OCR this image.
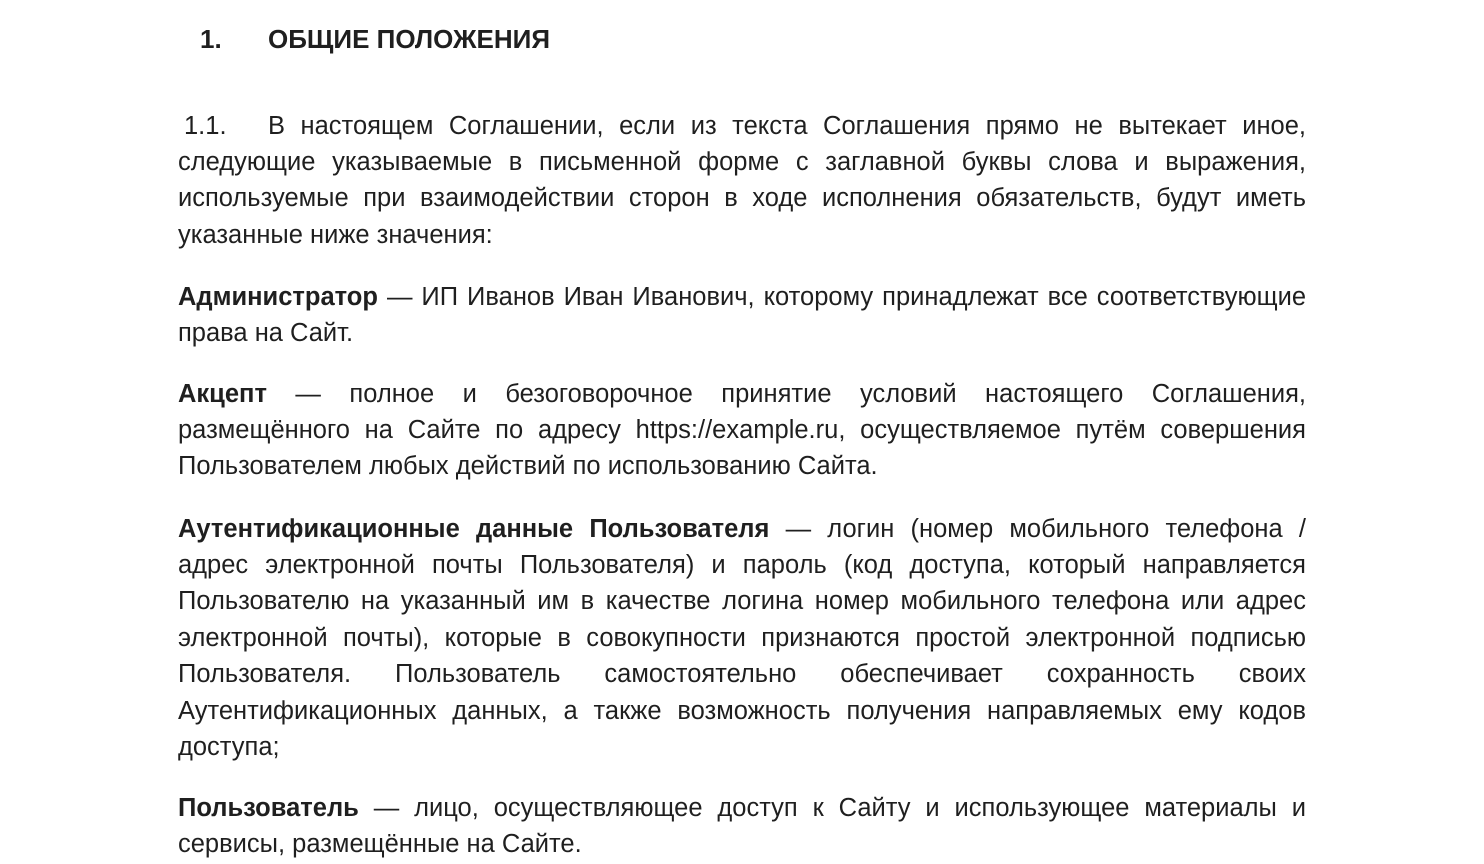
1. ОБЩИЕ ПОЛОЖЕНИЯ

1.1. В настоящем Соглашении, если из текста Соглашения прямо не вытекает иное, следующие указываемые в письменной форме с заглавной буквы слова и выражения, используемые при взаимодействии сторон в ходе исполнения обязательств, будут иметь указанные ниже значения:

Администратор — ИП Иванов Иван Иванович, которому принадлежат все соответствующие права на Сайт.

Акцепт — полное и безоговорочное принятие условий настоящего Соглашения, размещённого на Сайте по адресу https://example.ru, осуществляемое путём совершения Пользователем любых действий по использованию Сайта.

Аутентификационные данные Пользователя — логин (номер мобильного телефона / адрес электронной почты Пользователя) и пароль (код доступа, который направляется Пользователю на указанный им в качестве логина номер мобильного телефона или адрес электронной почты), которые в совокупности признаются простой электронной подписью Пользователя. Пользователь самостоятельно обеспечивает сохранность своих Аутентификационных данных, а также возможность получения направляемых ему кодов доступа;

Пользователь — лицо, осуществляющее доступ к Сайту и использующее материалы и сервисы, размещённые на Сайте.
